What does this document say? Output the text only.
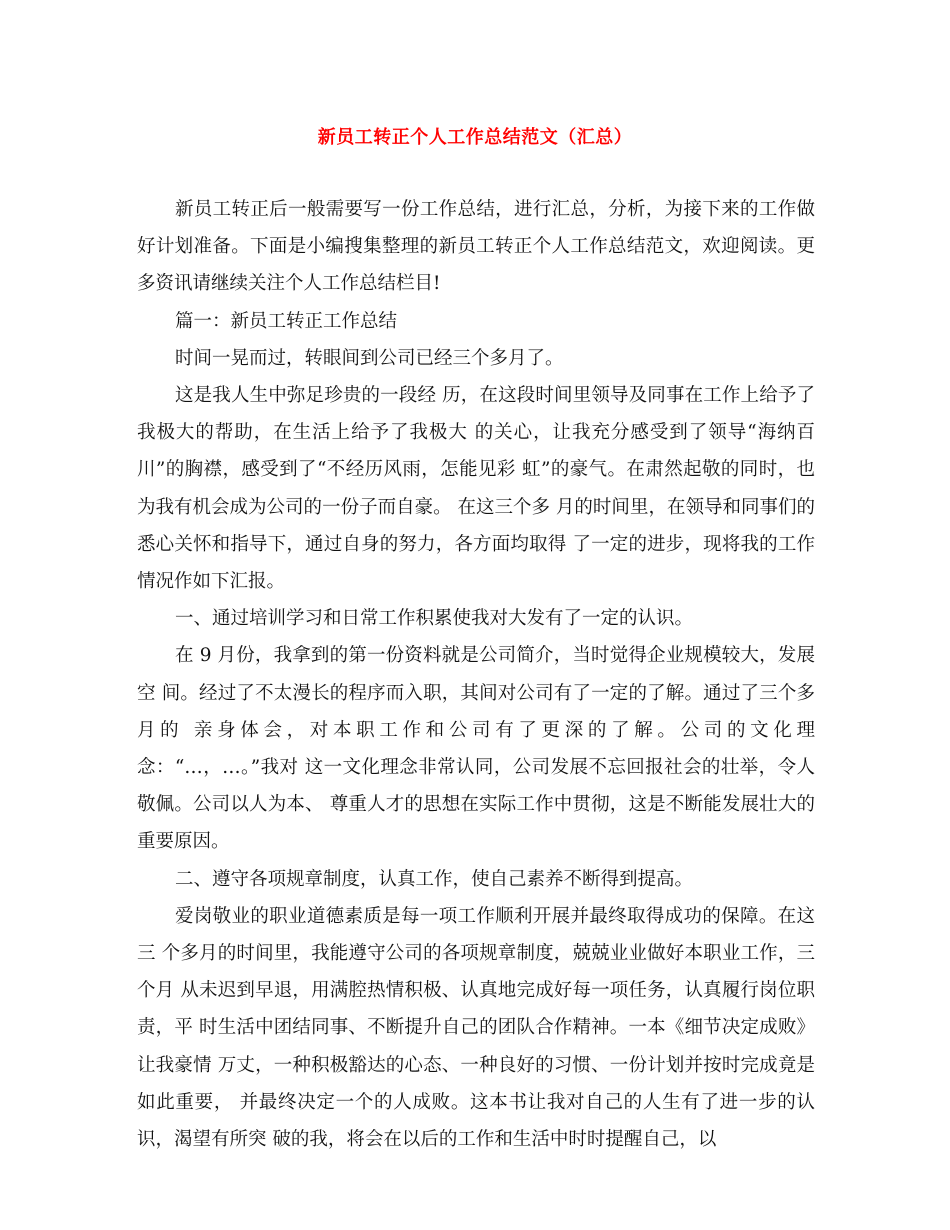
新员工转正个人工作总结范文（汇总）

新员工转正后一般需要写一份工作总结，进行汇总，分析，为接下来的工作做好计划准备。下面是小编搜集整理的新员工转正个人工作总结范文，欢迎阅读。更多资讯请继续关注个人工作总结栏目!

篇一：新员工转正工作总结

时间一晃而过，转眼间到公司已经三个多月了。

这是我人生中弥足珍贵的一段经 历，在这段时间里领导及同事在工作上给予了我极大的帮助，在生活上给予了我极大 的关心，让我充分感受到了领导“海纳百川”的胸襟，感受到了“不经历风雨，怎能见彩 虹”的豪气。在肃然起敬的同时，也为我有机会成为公司的一份子而自豪。 在这三个多 月的时间里，在领导和同事们的悉心关怀和指导下，通过自身的努力，各方面均取得 了一定的进步，现将我的工作情况作如下汇报。

一、通过培训学习和日常工作积累使我对大发有了一定的认识。

在 9 月份，我拿到的第一份资料就是公司简介，当时觉得企业规模较大，发展空 间。经过了不太漫长的程序而入职，其间对公司有了一定的了解。通过了三个多月的 亲身体会，对本职工作和公司有了更深的了解。公司的文化理念：“…，…。”我对 这一文化理念非常认同，公司发展不忘回报社会的壮举，令人敬佩。公司以人为本、 尊重人才的思想在实际工作中贯彻，这是不断能发展壮大的重要原因。

二、遵守各项规章制度，认真工作，使自己素养不断得到提高。

爱岗敬业的职业道德素质是每一项工作顺利开展并最终取得成功的保障。在这三 个多月的时间里，我能遵守公司的各项规章制度，兢兢业业做好本职业工作，三个月 从未迟到早退，用满腔热情积极、认真地完成好每一项任务，认真履行岗位职责，平 时生活中团结同事、不断提升自己的团队合作精神。一本《细节决定成败》让我豪情 万丈，一种积极豁达的心态、一种良好的习惯、一份计划并按时完成竟是如此重要， 并最终决定一个的人成败。这本书让我对自己的人生有了进一步的认识，渴望有所突 破的我，将会在以后的工作和生活中时时提醒自己，以
